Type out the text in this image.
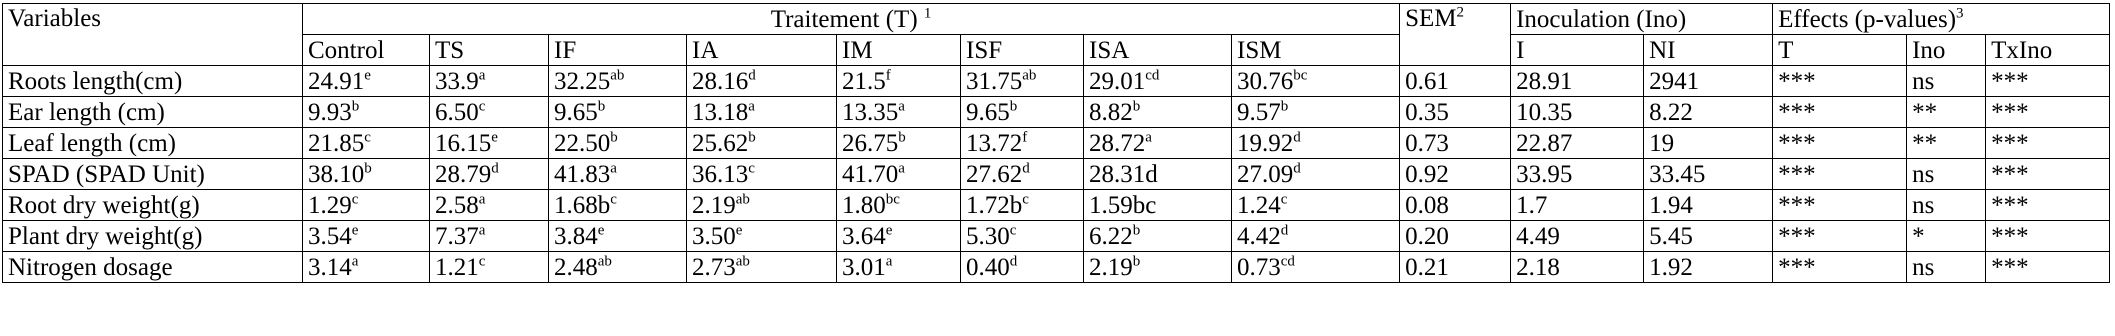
Variables	Traitement (T) $^1$								SEM$^2$	Inoculation (Ino)		Effects (p-values)$^3$
	Control	TS	IF	IA	IM	ISF	ISA	ISM		I	NI	T	Ino	TxIno
Roots length(cm)	24.91e	33.9$^a$	32.25$^{ab}$	28.16$^d$	21.5$^f$	31.75$^{ab}$	29.01$^{cd}$	30.76$^{bc}$	0.61	28.91	2941	***	ns	***
Ear length (cm)	9.93$^b$	6.50$^c$	9.65$^b$	13.18$^a$	13.35$^a$	9.65$^b$	8.82$^b$	9.57$^b$	0.35	10.35	8.22	***	**	***
Leaf length (cm)	21.85$^c$	16.15e	22.50$^b$	25.62$^b$	26.75$^b$	13.72$^f$	28.72$^a$	19.92$^d$	0.73	22.87	19	***	**	***
SPAD (SPAD Unit)	38.10$^b$	28.79$^d$	41.83$^a$	36.13$^c$	41.70$^a$	27.62$^d$	28.31d	27.09$^d$	0.92	33.95	33.45	***	ns	***
Root dry weight(g)	1.29$^c$	2.58$^a$	$1.68b^c$	2.19$^{ab}$	1.80$^{bc}$	$1.72b^c$	1.59bc	1.24$^c$	0.08	1.7	1.94	***	ns	***
Plant dry weight(g)	3.54e	7.37$^a$	3.84e	3.50e	3.64e	5.30$^c$	6.22$^b$	4.42$^d$	0.20	4.49	5.45	***	*	***
Nitrogen dosage	3.14$^a$	1.21$^c$	2.48$^{ab}$	2.73$^{ab}$	3.01$^a$	0.40$^d$	2.19$^b$	0.73$^{cd}$	0.21	2.18	1.92	***	ns	***
